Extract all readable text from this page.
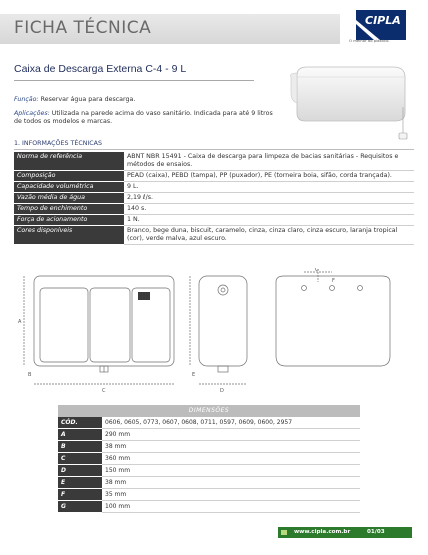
FICHA TÉCNICA	CIPLA
O melhor do plástico.
Caixa de Descarga Externa C-4 - 9 L
Função: Reservar água para descarga.
Aplicações: Utilizada na parede acima do vaso sanitário. Indicada para até 9 litros de todos os modelos e marcas.
1. INFORMAÇÕES TÉCNICAS
Norma de referência	ABNT NBR 15491 - Caixa de descarga para limpeza de bacias sanitárias - Requisitos e métodos de ensaios.
Composição	PEAD (caixa), PEBD (tampa), PP (puxador), PE (torneira boia, sifão, corda trançada).
Capacidade volumétrica	9 L.
Vazão média de água	2,19 ℓ/s.
Tempo de enchimento	140 s.
Força de acionamento	1 N.
Cores disponíveis	Branco, bege duna, biscuit, caramelo, cinza, cinza claro, cinza escuro, laranja tropical (cor), verde malva, azul escuro.
A
B
C	D
E
G
F
DIMENSÕES
CÓD.	0606, 0605, 0773, 0607, 0608, 0711, 0597, 0609, 0600, 2957
A	290 mm
B	38 mm
C	360 mm
D	150 mm
E	38 mm
F	35 mm
G	100 mm
www.cipla.com.br	01/03
